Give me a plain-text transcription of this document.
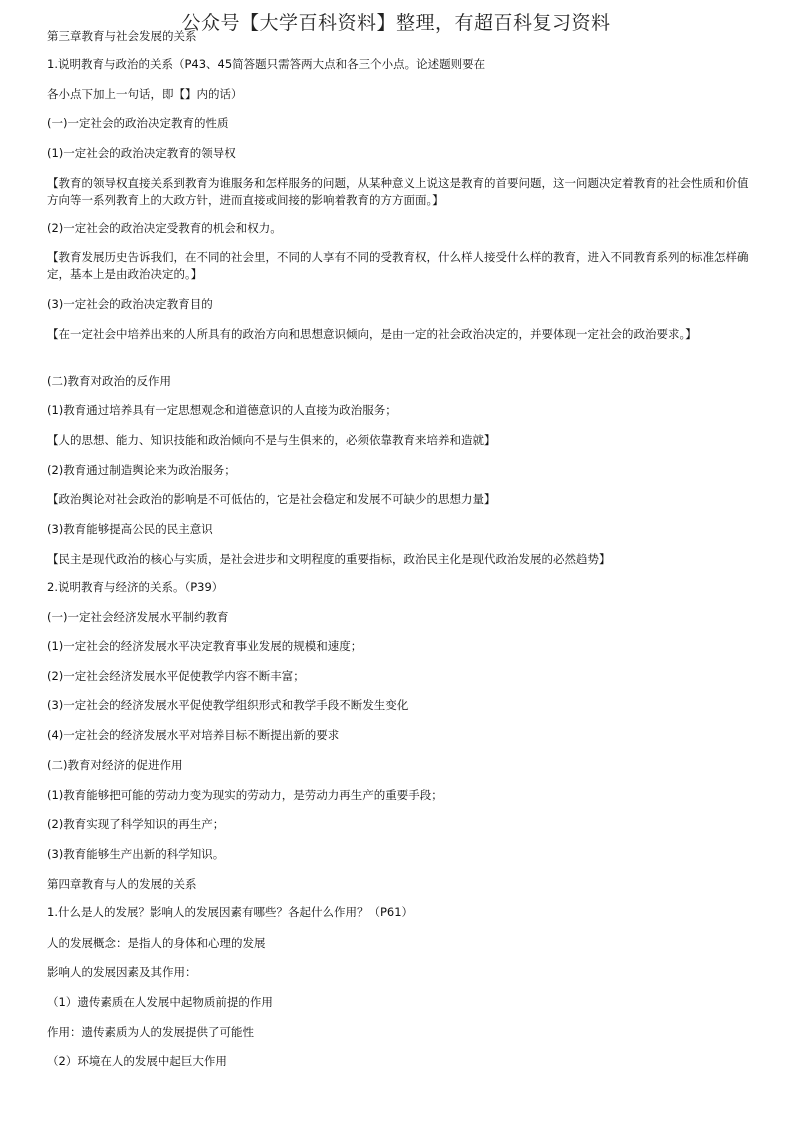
公众号【大学百科资料】整理，有超百科复习资料
第三章教育与社会发展的关系
1.说明教育与政治的关系（P43、45简答题只需答两大点和各三个小点。论述题则要在
各小点下加上一句话，即【】内的话）
(一)一定社会的政治决定教育的性质
(1)一定社会的政治决定教育的领导权
【教育的领导权直接关系到教育为谁服务和怎样服务的问题，从某种意义上说这是教育的首要问题，这一问题决定着教育的社会性质和价值方向等一系列教育上的大政方针，进而直接或间接的影响着教育的方方面面。】
(2)一定社会的政治决定受教育的机会和权力。
【教育发展历史告诉我们，在不同的社会里，不同的人享有不同的受教育权，什么样人接受什么样的教育，进入不同教育系列的标准怎样确定，基本上是由政治决定的。】
(3)一定社会的政治决定教育目的
【在一定社会中培养出来的人所具有的政治方向和思想意识倾向，是由一定的社会政治决定的，并要体现一定社会的政治要求。】
(二)教育对政治的反作用
(1)教育通过培养具有一定思想观念和道德意识的人直接为政治服务；
【人的思想、能力、知识技能和政治倾向不是与生俱来的，必须依靠教育来培养和造就】
(2)教育通过制造舆论来为政治服务；
【政治舆论对社会政治的影响是不可低估的，它是社会稳定和发展不可缺少的思想力量】
(3)教育能够提高公民的民主意识
【民主是现代政治的核心与实质，是社会进步和文明程度的重要指标，政治民主化是现代政治发展的必然趋势】
2.说明教育与经济的关系。（P39）
(一)一定社会经济发展水平制约教育
(1)一定社会的经济发展水平决定教育事业发展的规模和速度；
(2)一定社会经济发展水平促使教学内容不断丰富；
(3)一定社会的经济发展水平促使教学组织形式和教学手段不断发生变化
(4)一定社会的经济发展水平对培养目标不断提出新的要求
(二)教育对经济的促进作用
(1)教育能够把可能的劳动力变为现实的劳动力，是劳动力再生产的重要手段；
(2)教育实现了科学知识的再生产；
(3)教育能够生产出新的科学知识。
第四章教育与人的发展的关系
1.什么是人的发展？影响人的发展因素有哪些？各起什么作用？（P61）
人的发展概念：是指人的身体和心理的发展
影响人的发展因素及其作用：
（1）遗传素质在人发展中起物质前提的作用
作用：遗传素质为人的发展提供了可能性
（2）环境在人的发展中起巨大作用
